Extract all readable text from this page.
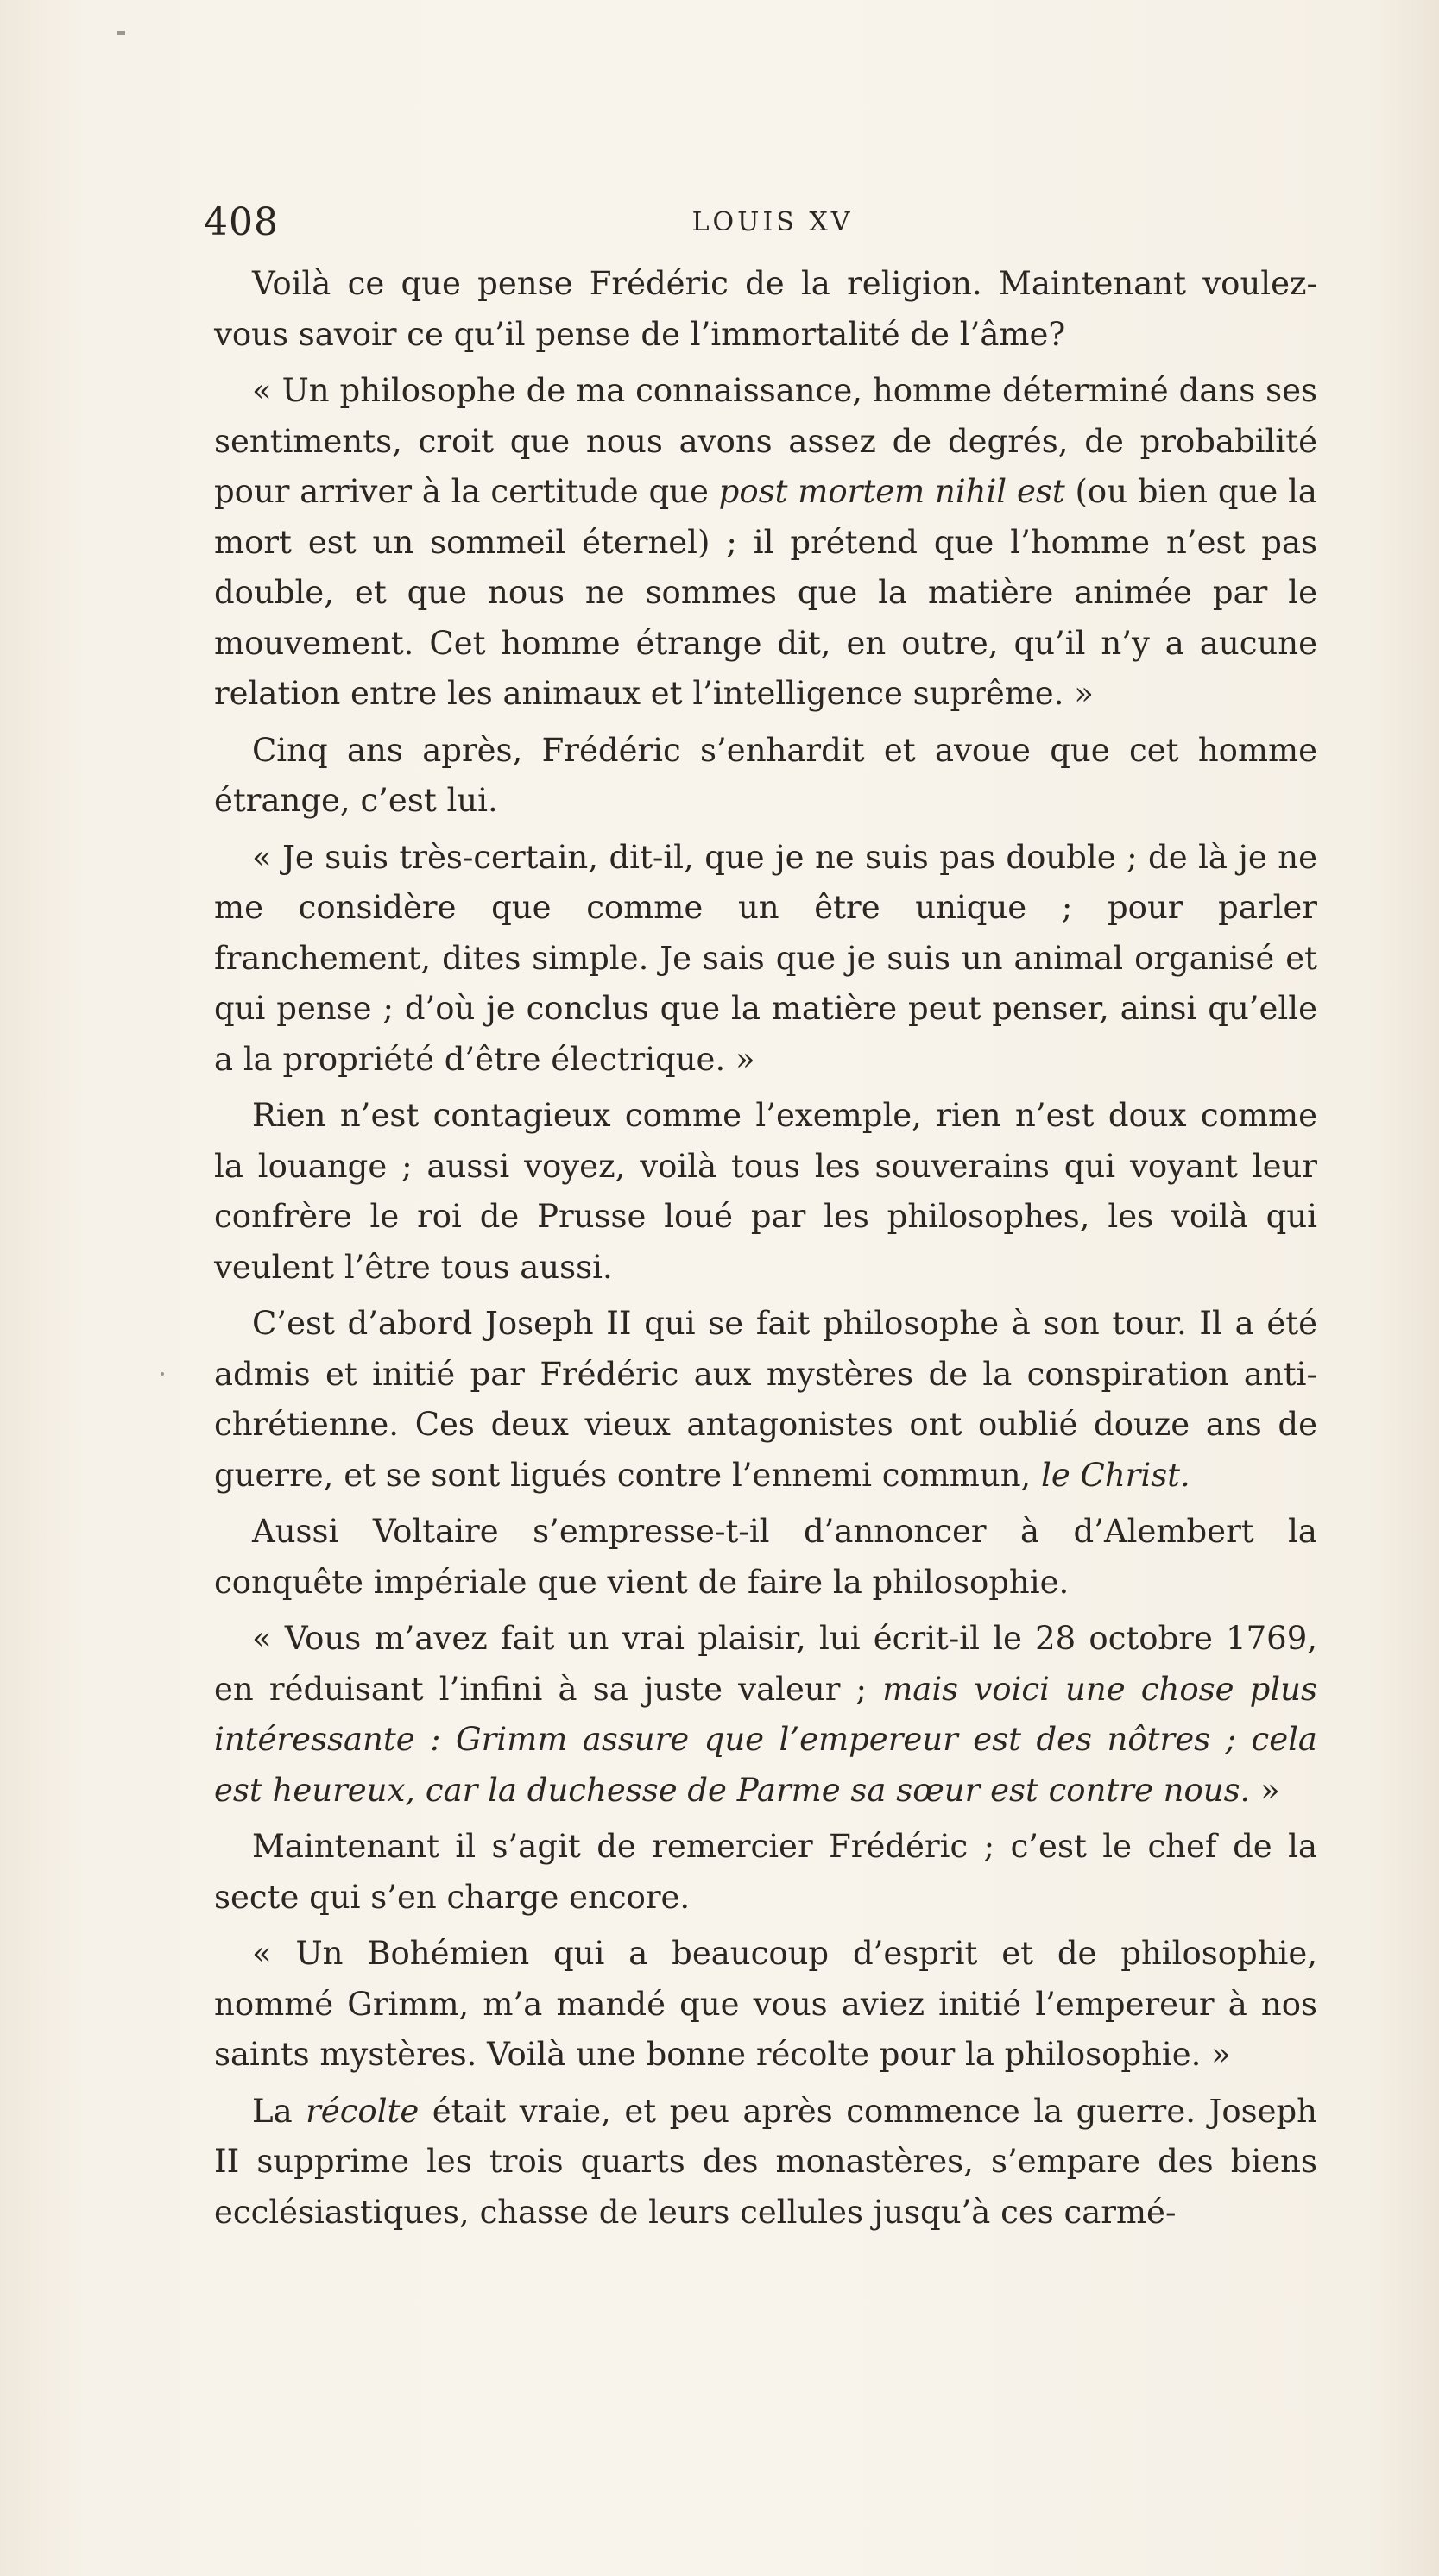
408	LOUIS XV

Voilà ce que pense Frédéric de la religion. Maintenant voulez-vous savoir ce qu’il pense de l’immortalité de l’âme?

« Un philosophe de ma connaissance, homme déterminé dans ses sentiments, croit que nous avons assez de degrés, de probabilité pour arriver à la certitude que post mortem nihil est (ou bien que la mort est un sommeil éternel) ; il prétend que l’homme n’est pas double, et que nous ne sommes que la matière animée par le mouvement. Cet homme étrange dit, en outre, qu’il n’y a aucune relation entre les animaux et l’intelligence suprême. »

Cinq ans après, Frédéric s’enhardit et avoue que cet homme étrange, c’est lui.

« Je suis très-certain, dit-il, que je ne suis pas double ; de là je ne me considère que comme un être unique ; pour parler franchement, dites simple. Je sais que je suis un animal organisé et qui pense ; d’où je conclus que la matière peut penser, ainsi qu’elle a la propriété d’être électrique. »

Rien n’est contagieux comme l’exemple, rien n’est doux comme la louange ; aussi voyez, voilà tous les souverains qui voyant leur confrère le roi de Prusse loué par les philosophes, les voilà qui veulent l’être tous aussi.

C’est d’abord Joseph II qui se fait philosophe à son tour. Il a été admis et initié par Frédéric aux mystères de la conspiration anti-chrétienne. Ces deux vieux antagonistes ont oublié douze ans de guerre, et se sont ligués contre l’ennemi commun, le Christ.

Aussi Voltaire s’empresse-t-il d’annoncer à d’Alembert la conquête impériale que vient de faire la philosophie.

« Vous m’avez fait un vrai plaisir, lui écrit-il le 28 octobre 1769, en réduisant l’infini à sa juste valeur ; mais voici une chose plus intéressante : Grimm assure que l’empereur est des nôtres ; cela est heureux, car la duchesse de Parme sa sœur est contre nous. »

Maintenant il s’agit de remercier Frédéric ; c’est le chef de la secte qui s’en charge encore.

« Un Bohémien qui a beaucoup d’esprit et de philosophie, nommé Grimm, m’a mandé que vous aviez initié l’empereur à nos saints mystères. Voilà une bonne récolte pour la philosophie. »

La récolte était vraie, et peu après commence la guerre. Joseph II supprime les trois quarts des monastères, s’empare des biens ecclésiastiques, chasse de leurs cellules jusqu’à ces carmé-
